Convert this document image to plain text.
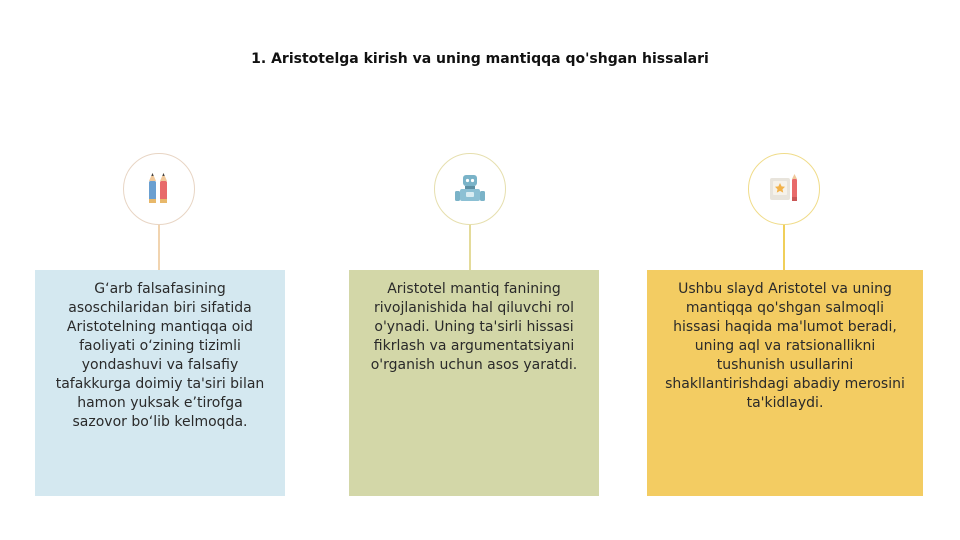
1. Aristotelga kirish va uning mantiqqa qo'shgan hissalari
G‘arb falsafasining asoschilaridan biri sifatida Aristotelning mantiqqa oid faoliyati o‘zining tizimli yondashuvi va falsafiy tafakkurga doimiy ta'siri bilan hamon yuksak e’tirofga sazovor bo‘lib kelmoqda.
Aristotel mantiq fanining rivojlanishida hal qiluvchi rol o'ynadi. Uning ta'sirli hissasi fikrlash va argumentatsiyani o'rganish uchun asos yaratdi.
Ushbu slayd Aristotel va uning mantiqqa qo'shgan salmoqli hissasi haqida ma'lumot beradi, uning aql va ratsionallikni tushunish usullarini shakllantirishdagi abadiy merosini ta'kidlaydi.
